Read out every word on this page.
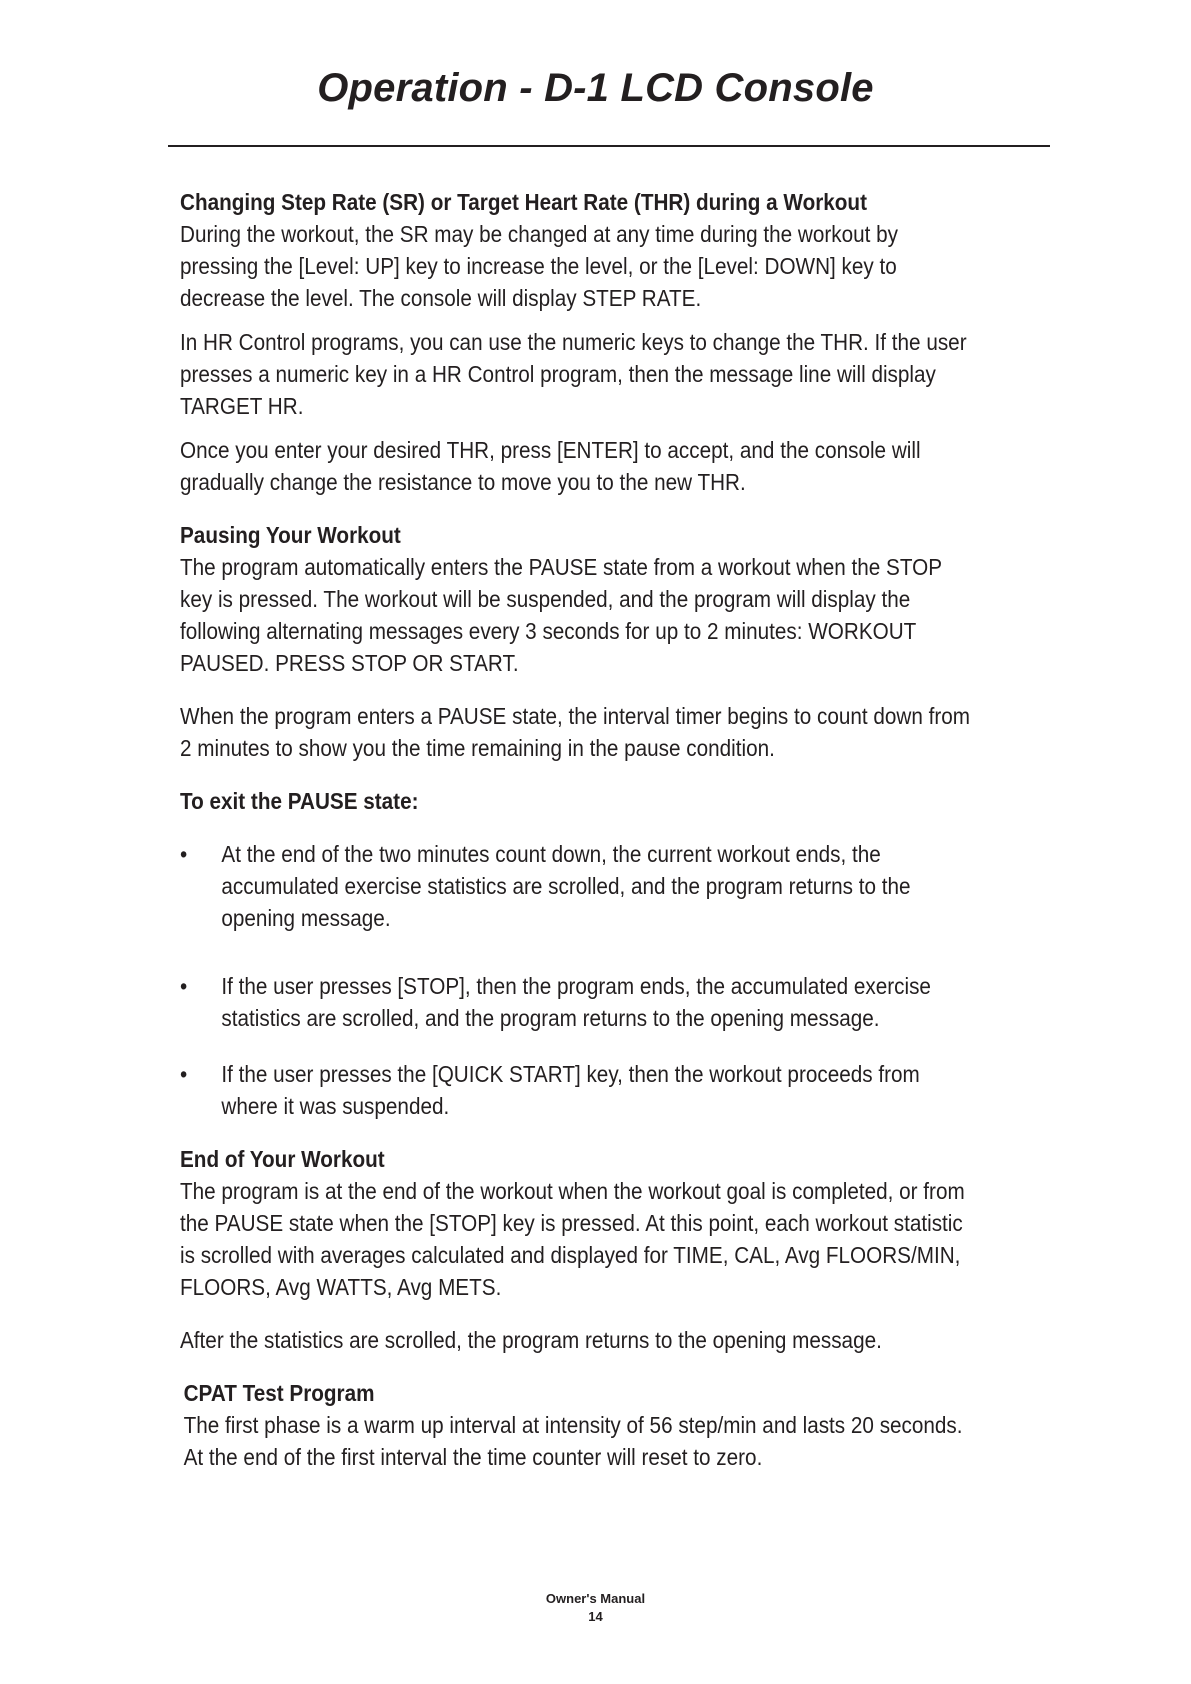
Operation - D-1 LCD Console

Changing Step Rate (SR) or Target Heart Rate (THR) during a Workout

During the workout, the SR may be changed at any time during the workout by pressing the [Level: UP] key to increase the level, or the [Level: DOWN] key to decrease the level. The console will display STEP RATE.

In HR Control programs, you can use the numeric keys to change the THR. If the user presses a numeric key in a HR Control program, then the message line will display TARGET HR.

Once you enter your desired THR, press [ENTER] to accept, and the console will gradually change the resistance to move you to the new THR.

Pausing Your Workout

The program automatically enters the PAUSE state from a workout when the STOP key is pressed. The workout will be suspended, and the program will display the following alternating messages every 3 seconds for up to 2 minutes: WORKOUT PAUSED. PRESS STOP OR START.

When the program enters a PAUSE state, the interval timer begins to count down from 2 minutes to show you the time remaining in the pause condition.

To exit the PAUSE state:

• At the end of the two minutes count down, the current workout ends, the accumulated exercise statistics are scrolled, and the program returns to the opening message.
• If the user presses [STOP], then the program ends, the accumulated exercise statistics are scrolled, and the program returns to the opening message.
• If the user presses the [QUICK START] key, then the workout proceeds from where it was suspended.

End of Your Workout

The program is at the end of the workout when the workout goal is completed, or from the PAUSE state when the [STOP] key is pressed. At this point, each workout statistic is scrolled with averages calculated and displayed for TIME, CAL, Avg FLOORS/MIN, FLOORS, Avg WATTS, Avg METS.

After the statistics are scrolled, the program returns to the opening message.

CPAT Test Program

The first phase is a warm up interval at intensity of 56 step/min and lasts 20 seconds. At the end of the first interval the time counter will reset to zero.

Owner's Manual
14
